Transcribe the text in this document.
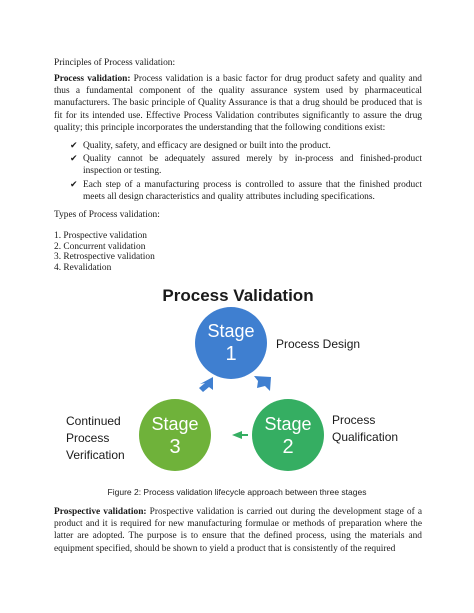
Principles of Process validation:
Process validation: Process validation is a basic factor for drug product safety and quality and thus a fundamental component of the quality assurance system used by pharmaceutical manufacturers. The basic principle of Quality Assurance is that a drug should be produced that is fit for its intended use. Effective Process Validation contributes significantly to assure the drug quality; this principle incorporates the understanding that the following conditions exist:
✔ Quality, safety, and efficacy are designed or built into the product.
✔ Quality cannot be adequately assured merely by in-process and finished-product inspection or testing.
✔ Each step of a manufacturing process is controlled to assure that the finished product meets all design characteristics and quality attributes including specifications.
Types of Process validation:
1. Prospective validation
2. Concurrent validation
3. Retrospective validation
4. Revalidation
Process Validation
Stage
1	Process Design
Stage
2
Process
Qualification
Stage
3
Continued
Process
Verification
Figure 2: Process validation lifecycle approach between three stages
Prospective validation: Prospective validation is carried out during the development stage of a product and it is required for new manufacturing formulae or methods of preparation where the latter are adopted. The purpose is to ensure that the defined process, using the materials and equipment specified, should be shown to yield a product that is consistently of the required
